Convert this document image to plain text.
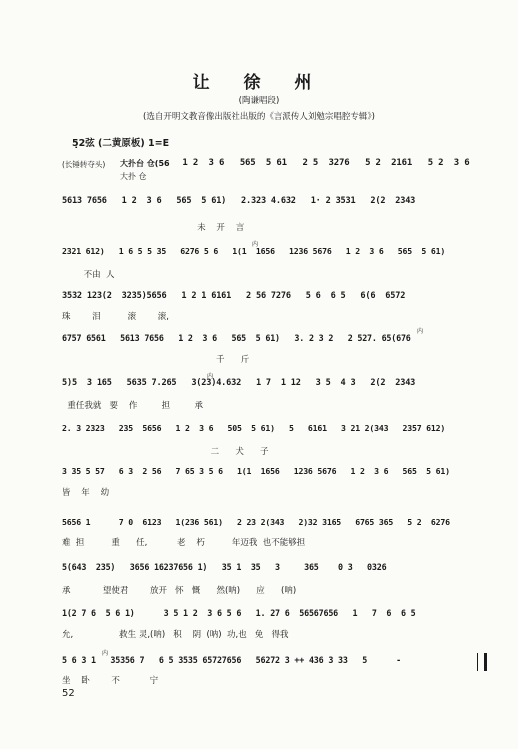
让 徐 州
(陶谦唱段)
(选自开明文教音像出版社出版的《言派传人刘勉宗唱腔专辑》)
5̣2弦 (二黄原板) 1=E
(长锤转夺头) 大扑台 仓(56
大扑 仓
1 2  3 6   565  5 61   2 5  3276   5 2  2161   5 2  3 6
5613 7656   1 2  3 6   565  5 61)   2.323 4.632   1· 2 3531   2(2  2343
未    开    言
2321 612)   1 6 5 5 35   6276 5 6   1(1  1656   1236 5676   1 2  3 6   565  5 61)
内
不由  人
3532 123(2  3235)5656   1 2 1 6161   2 56 7276   5 6  6 5   6(6  6572
珠        泪          滚        滚,
6757 6561   5613 7656   1 2  3 6   565  5 61)   3. 2 3 2   2 527. 65(676
内
千      斤
5)5  3 165   5635 7.265   3(23)4.632   1 7  1 12   3 5  4 3   2(2  2343
内
重任我就   要    作         担         承
2. 3 2323   235  5656   1 2  3 6   505  5 61)   5   6161   3 21 2(343   2357 612)
二      犬      子
3 35 5 57   6 3  2 56   7 65 3 5 6   1(1  1656   1236 5676   1 2  3 6   565  5 61)
皆    年    幼
5656 1      7 0  6123   1(236 561)   2 23 2(343   2)32 3165   6765 365   5 2  6276
难  担          重      任,           老    朽          年迈我  也不能够担
5(643  235)   3656 16237656 1)   35 1  35   3     365    0 3   0326
承            望使君        放开   怀   慨      然(呐)      应      (呐)
1(2 7 6  5 6 1)      3 5 1 2  3 6 5 6   1. 27 6  56567656   1   7  6  6 5
允,                 救生 灵,(呐)   积    阴  (呐)  功,也   免   得我
5 6 3 1   35356 7   6 5 3535 65727656   56272 3 ++ 436 3 33   5      -
内
坐    卧        不           宁
52
